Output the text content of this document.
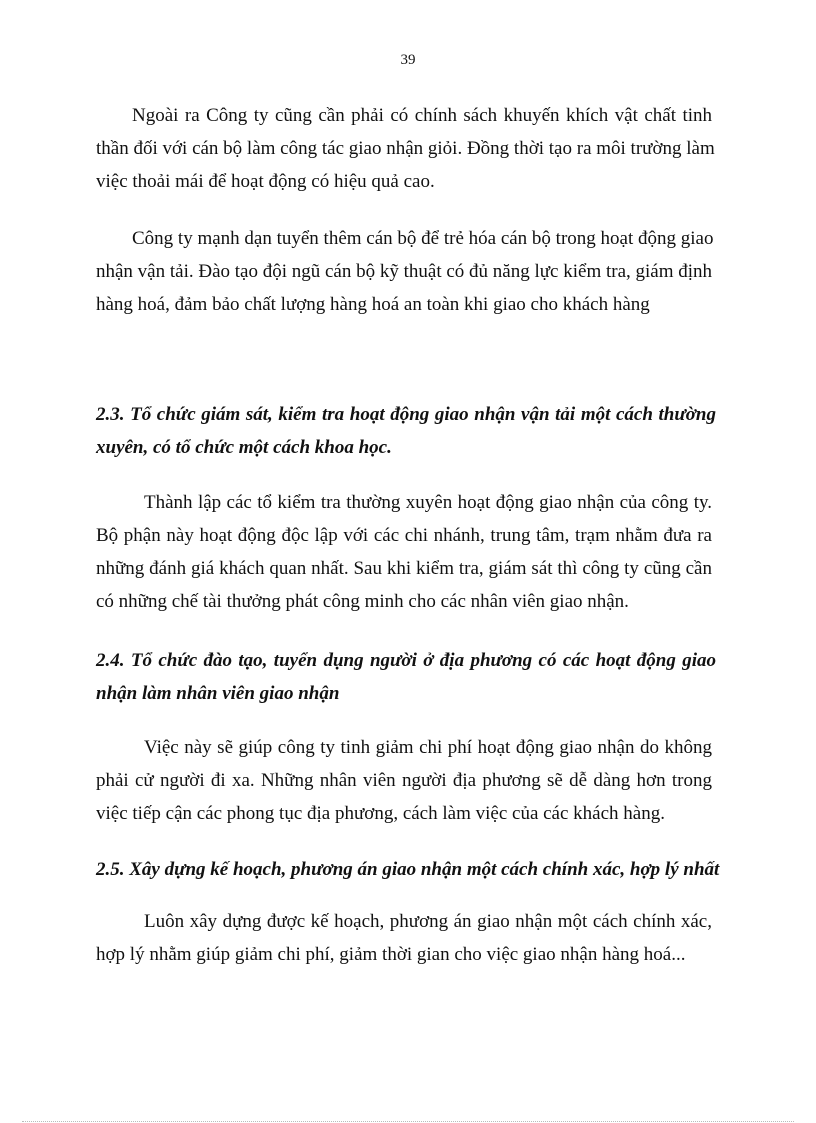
39
Ngoài ra Công ty cũng cần phải có chính sách khuyến khích vật chất tinh
thần đối với cán bộ làm công tác giao nhận giỏi. Đồng thời tạo ra môi trường làm
việc thoải mái để hoạt động có hiệu quả cao.
Công ty mạnh dạn tuyển thêm cán bộ để trẻ hóa cán bộ trong hoạt động giao
nhận vận tải. Đào tạo đội ngũ cán bộ kỹ thuật có đủ năng lực kiểm tra, giám định
hàng hoá, đảm bảo chất lượng hàng hoá an toàn khi giao cho khách hàng
2.3. Tổ chức giám sát, kiểm tra hoạt động giao nhận vận tải một cách thường
xuyên, có tổ chức một cách khoa học.
Thành lập các tổ kiểm tra thường xuyên hoạt động giao nhận của công ty.
Bộ phận này hoạt động độc lập với các chi nhánh, trung tâm, trạm nhằm đưa ra
những đánh giá khách quan nhất. Sau khi kiểm tra, giám sát thì công ty cũng cần
có những chế tài thưởng phát công minh cho các nhân viên giao nhận.
2.4. Tổ chức đào tạo, tuyển dụng người ở địa phương có các hoạt động giao
nhận làm nhân viên giao nhận
Việc này sẽ giúp công ty tinh giảm chi phí hoạt động giao nhận do không
phải cử người đi xa. Những nhân viên người địa phương sẽ dễ dàng hơn trong
việc tiếp cận các phong tục địa phương, cách làm việc của các khách hàng.
2.5. Xây dựng kế hoạch, phương án giao nhận một cách chính xác, hợp lý nhất
Luôn xây dựng được kế hoạch, phương án giao nhận một cách chính xác,
hợp lý nhằm giúp giảm chi phí, giảm thời gian cho việc giao nhận hàng hoá...
